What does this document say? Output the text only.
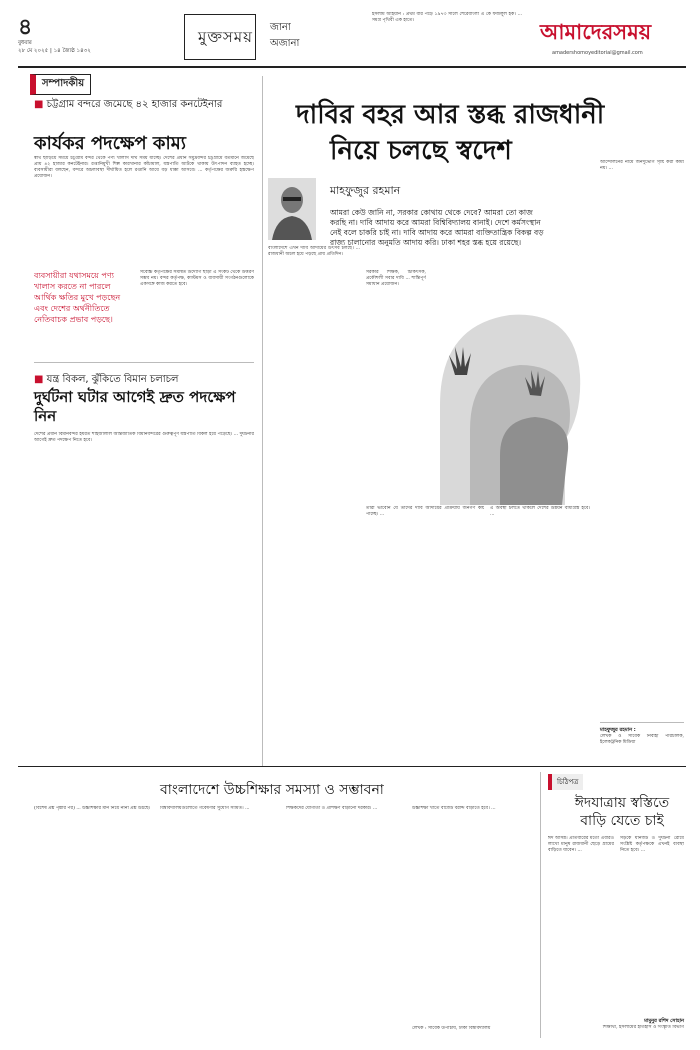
৪
বুধবার
২৮ মে ২০২৫ | ১৪ জ্যৈষ্ঠ ১৪৩২
মুক্তসময়
জানা
অজানা
ইসলাম আইয়ান : প্রথম বার পড়ে ১৯৭৩ সালে শেরেবাংলা এ কে ফজলুল হক। ... সমগ্র পৃথিবী এক হাতে।	আমাদেরসময়
amadershomoyeditorial@gmail.com
সম্পাদকীয়
■ চট্টগ্রাম বন্দরে জমেছে ৪২ হাজার কনটেইনার
কার্যকর পদক্ষেপ কাম্য
স্বার্থ ছাড়িয়ে সময়ে চট্টগ্রাম বন্দর থেকে পণ্য খালাস দীর্ঘ সময় যাচ্ছে। দেশের প্রধান সমুদ্রবন্দর চট্টগ্রামে বর্তমানে জমেছে প্রায় ৪২ হাজার কনটেইনার। রপ্তানিমুখী শিল্প কারখানার কাঁচামাল, যন্ত্রপাতি আটকে থাকায় উৎপাদন ব্যাহত হচ্ছে। ব্যবসায়ীরা বলছেন, বন্দরে অচলাবস্থা দীর্ঘায়িত হলে রপ্তানি আয়ে বড় ধাক্কা আসবে। ... কর্তৃপক্ষের জরুরি হস্তক্ষেপ প্রয়োজন।
ব্যবসায়ীরা যথাসময়ে পণ্য খালাস করতে না পারলে আর্থিক ক্ষতির মুখে পড়ছেন এবং দেশের অর্থনীতিতে নেতিবাচক প্রভাব পড়ছে।
সর্বোচ্চ কর্তৃপক্ষের সমন্বিত উদ্যোগ ছাড়া এ সংকট থেকে উত্তরণ সম্ভব নয়। বন্দর কর্তৃপক্ষ, কাস্টমস ও ব্যবসায়ী সংগঠনগুলোকে একসঙ্গে কাজ করতে হবে।
■ যন্ত্র বিকল, ঝুঁকিতে বিমান চলাচল
দুর্ঘটনা ঘটার আগেই দ্রুত পদক্ষেপ নিন
দেশের প্রধান বিমানবন্দর হযরত শাহজালাল আন্তর্জাতিক বিমানবন্দরের গুরুত্বপূর্ণ যন্ত্রপাতি বিকল হয়ে পড়েছে। ... দুর্ঘটনার আগেই দ্রুত পদক্ষেপ নিতে হবে।
দাবির বহর আর স্তব্ধ রাজধানী
নিয়ে চলছে স্বদেশ
মাহফুজুর রহমান
আমরা কেউ জানি না, সরকার কোথায় থেকে দেবে? আমরা তো কাজ করছি না। দাবি আদায় করে আমরা বিশ্বিবিদ্যালয় বানাই। দেশে কর্মসংস্থান নেই বলে চাকরি চাই না। দাবি আদায় করে আমরা ব্যক্তিতান্ত্রিক বিকল্প বড় রাজ্য চালানোর অনুমতি আদায় করি। ঢাকা শহর স্তব্ধ হয়ে রয়েছে।
বাংলাদেশে এখন দাবি আদায়ের উৎসব চলছে। ... রাজধানী অচল হয়ে পড়ছে প্রায় প্রতিদিন।
সরকার শিক্ষক, চিকিৎসক, প্রকৌশলী সবার দাবি ... শান্তিপূর্ণ সমাধান প্রয়োজন।
তারা ভাবেনি যে তাদের দাবি আদায়ের প্রক্রিয়ায় জনগণ কষ্ট পাচ্ছে। ...
এ অবস্থা চলতে থাকলে দেশের উন্নয়ন বাধাগ্রস্ত হবে। ...
আন্দোলনের নামে জনদুর্ভোগ সৃষ্টি করা কাম্য নয়। ...
মাহফুজুর রহমান :
লেখক ও সাবেক নির্বাহী পরিচালক, ইলেকট্রনিক মিডিয়া
বাংলাদেশে উচ্চশিক্ষার সমস্যা ও সম্ভাবনা
(বিশেষ প্রশ্ন পৃষ্ঠার পর) ... উচ্চশিক্ষার মান নিয়ে নানা প্রশ্ন উঠছে।	বিশ্ববিদ্যালয়গুলোতে গবেষণার সুযোগ সীমিত। ...	শিক্ষকদের যোগ্যতা ও প্রশিক্ষণ বাড়ানো দরকার। ...	উচ্চশিক্ষা খাতে বাজেট বরাদ্দ বাড়াতে হবে। ...
লেখক : সাবেক উপাচার্য, ঢাকা বিশ্ববিদ্যালয়
চিঠিপত্র
ঈদযাত্রায় স্বস্তিতে বাড়ি যেতে চাই
ঈদ আসন্ন। প্রতিবারের মতো এবারও লাখো মানুষ রাজধানী ছেড়ে গ্রামের বাড়িতে যাবেন। ...
সড়কে যানজট ও দুর্ঘটনা রোধে সংশ্লিষ্ট কর্তৃপক্ষকে এখনই ব্যবস্থা নিতে হবে। ...
মামুনুর রশিদ সোহান
শিক্ষার্থী, ইসলামের ইতিহাস ও সংস্কৃতি বিভাগ
